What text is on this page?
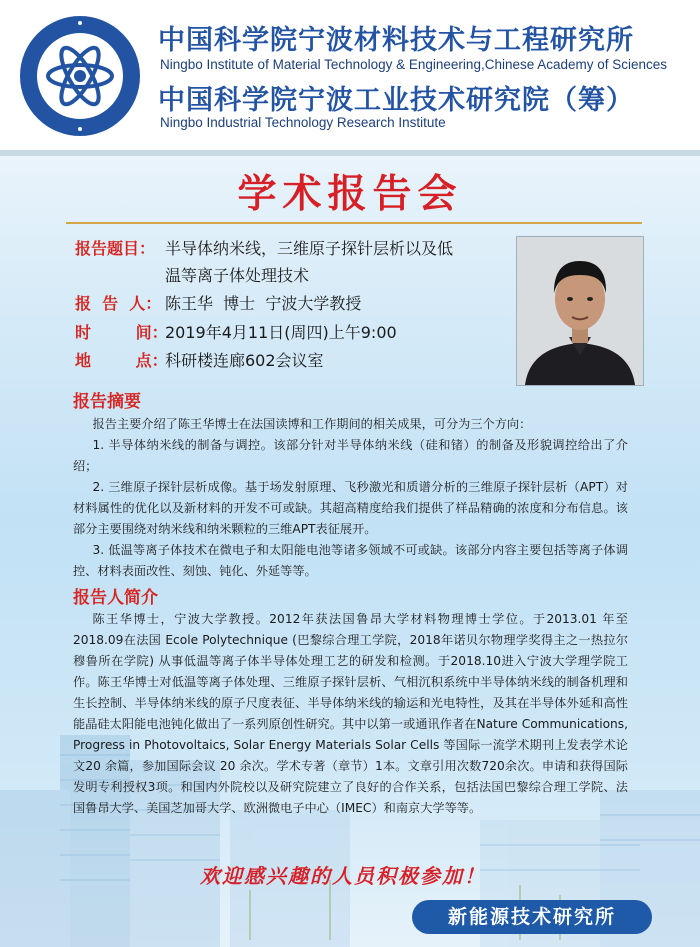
中国科学院宁波材料技术与工程研究所
Ningbo Institute of Material Technology & Engineering,Chinese Academy of Sciences
中国科学院宁波工业技术研究院（筹）
Ningbo Industrial Technology Research Institute
学术报告会
报告题目： 半导体纳米线，三维原子探针层析以及低
温等离子体处理技术
报  告  人： 陈王华  博士  宁波大学教授
时        间：
2019年4月11日(周四)上午9:00
地        点：
科研楼连廊602会议室
报告摘要

报告主要介绍了陈王华博士在法国读博和工作期间的相关成果，可分为三个方向：

1. 半导体纳米线的制备与调控。该部分针对半导体纳米线（硅和锗）的制备及形貌调控给出了介绍；

2. 三维原子探针层析成像。基于场发射原理、飞秒激光和质谱分析的三维原子探针层析（APT）对材料属性的优化以及新材料的开发不可或缺。其超高精度给我们提供了样品精确的浓度和分布信息。该部分主要围绕对纳米线和纳米颗粒的三维APT表征展开。

3. 低温等离子体技术在微电子和太阳能电池等诸多领域不可或缺。该部分内容主要包括等离子体调控、材料表面改性、刻蚀、钝化、外延等等。

报告人简介

陈王华博士，宁波大学教授。2012年获法国鲁昂大学材料物理博士学位。于2013.01 年至2018.09在法国 Ecole Polytechnique (巴黎综合理工学院，2018年诺贝尔物理学奖得主之一热拉尔 穆鲁所在学院) 从事低温等离子体半导体处理工艺的研发和检测。于2018.10进入宁波大学理学院工作。陈王华博士对低温等离子体处理、三维原子探针层析、气相沉积系统中半导体纳米线的制备机理和生长控制、半导体纳米线的原子尺度表征、半导体纳米线的输运和光电特性，及其在半导体外延和高性能晶硅太阳能电池钝化做出了一系列原创性研究。其中以第一或通讯作者在Nature Communications, Progress in Photovoltaics, Solar Energy Materials Solar Cells 等国际一流学术期刊上发表学术论文20 余篇，参加国际会议 20 余次。学术专著（章节）1本。文章引用次数720余次。申请和获得国际发明专利授权3项。和国内外院校以及研究院建立了良好的合作关系，包括法国巴黎综合理工学院、法国鲁昂大学、美国芝加哥大学、欧洲微电子中心（IMEC）和南京大学等等。

欢迎感兴趣的人员积极参加！
新能源技术研究所
